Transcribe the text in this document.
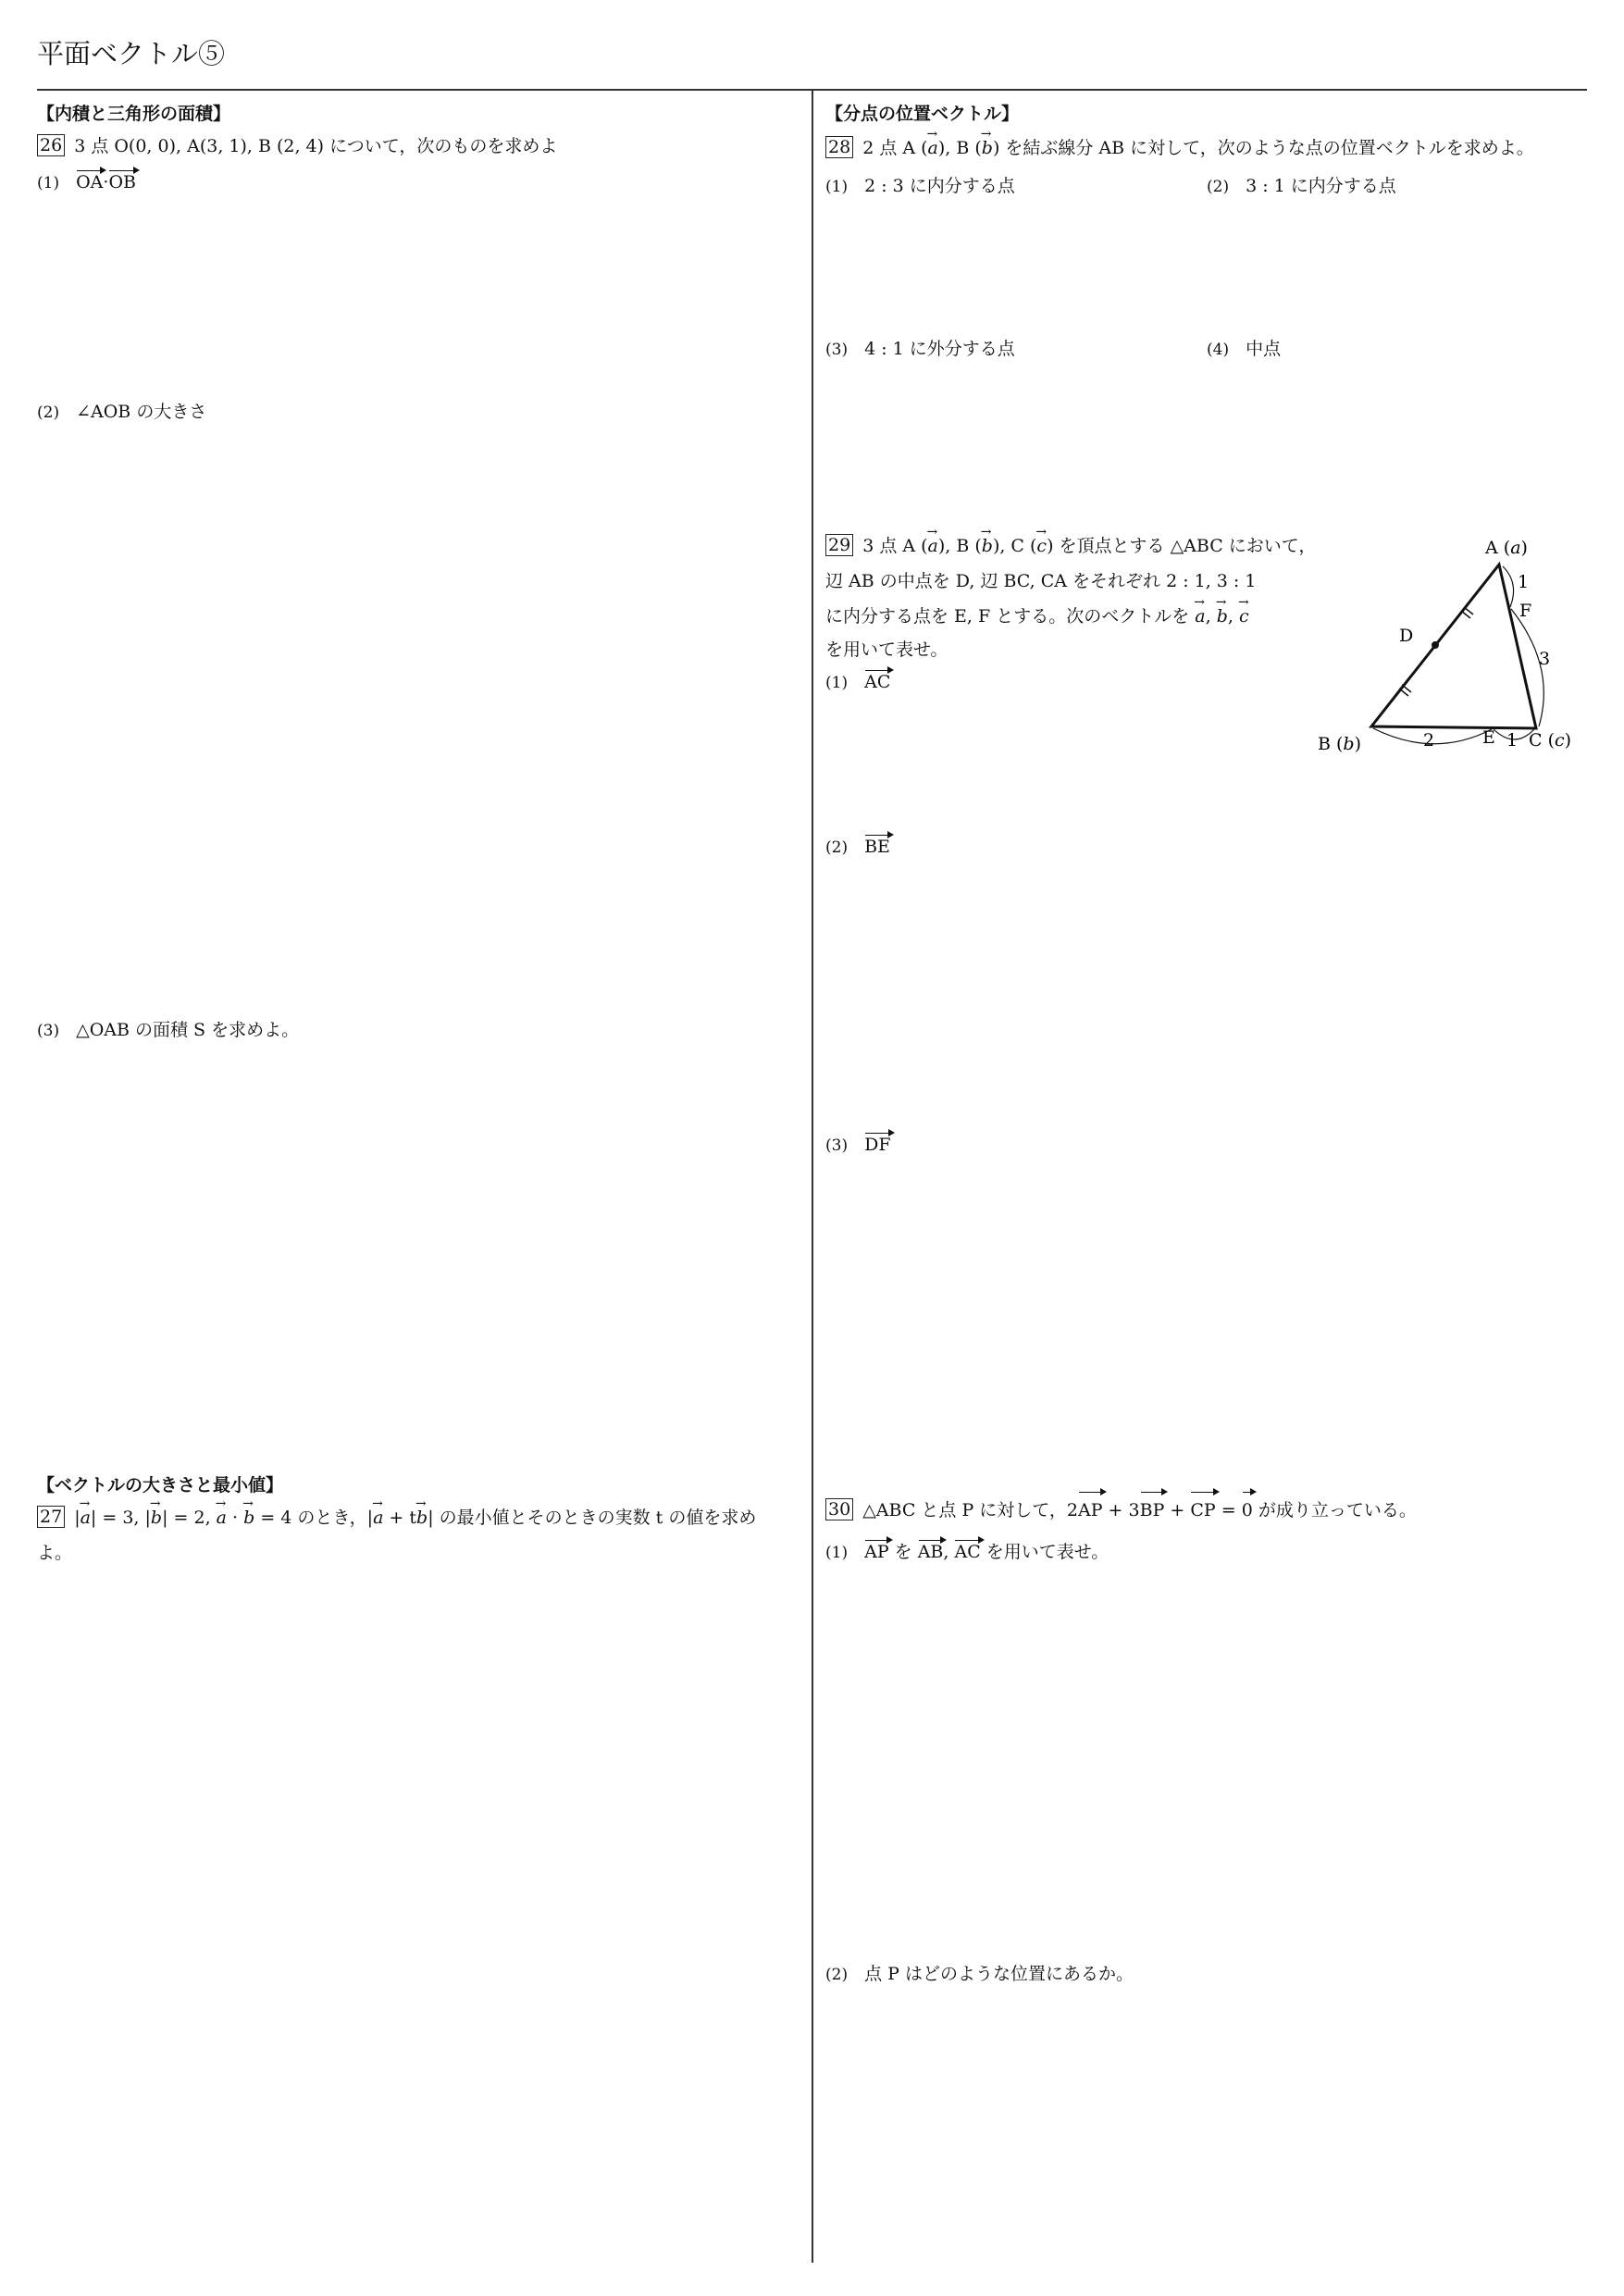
平面ベクトル⑤
【内積と三角形の面積】
26 3 点 O(0, 0), A(3, 1), B (2, 4) について，次のものを求めよ
(1) OA·OB
(2) ∠AOB の大きさ
(3) △OAB の面積 S を求めよ。
【ベクトルの大きさと最小値】
27 |→ a| = 3, |→ b| = 2, → a · → b = 4 のとき，|→ a + t→ b| の最小値とそのときの実数 t の値を求め
よ。
【分点の位置ベクトル】
28 2 点 A (→ a), B (→ b) を結ぶ線分 AB に対して，次のような点の位置ベクトルを求めよ。
(1) 2 : 3 に内分する点	(2) 3 : 1 に内分する点
(3) 4 : 1 に外分する点	(4) 中点
29 3 点 A (→ a), B (→ b), C (→ c) を頂点とする △ABC において，
辺 AB の中点を D, 辺 BC, CA をそれぞれ 2 : 1, 3 : 1
に内分する点を E, F とする。次のベクトルを → a, → b, → c
を用いて表せ。
(1) AC
(2) BE
(3) DF
A (a)
D
F
1
3
B (b)	2	E 1 C (c)
30 △ABC と点 P に対して，2AP + 3BP + CP = 0 が成り立っている。
(1) AP を AB, AC を用いて表せ。
(2) 点 P はどのような位置にあるか。
